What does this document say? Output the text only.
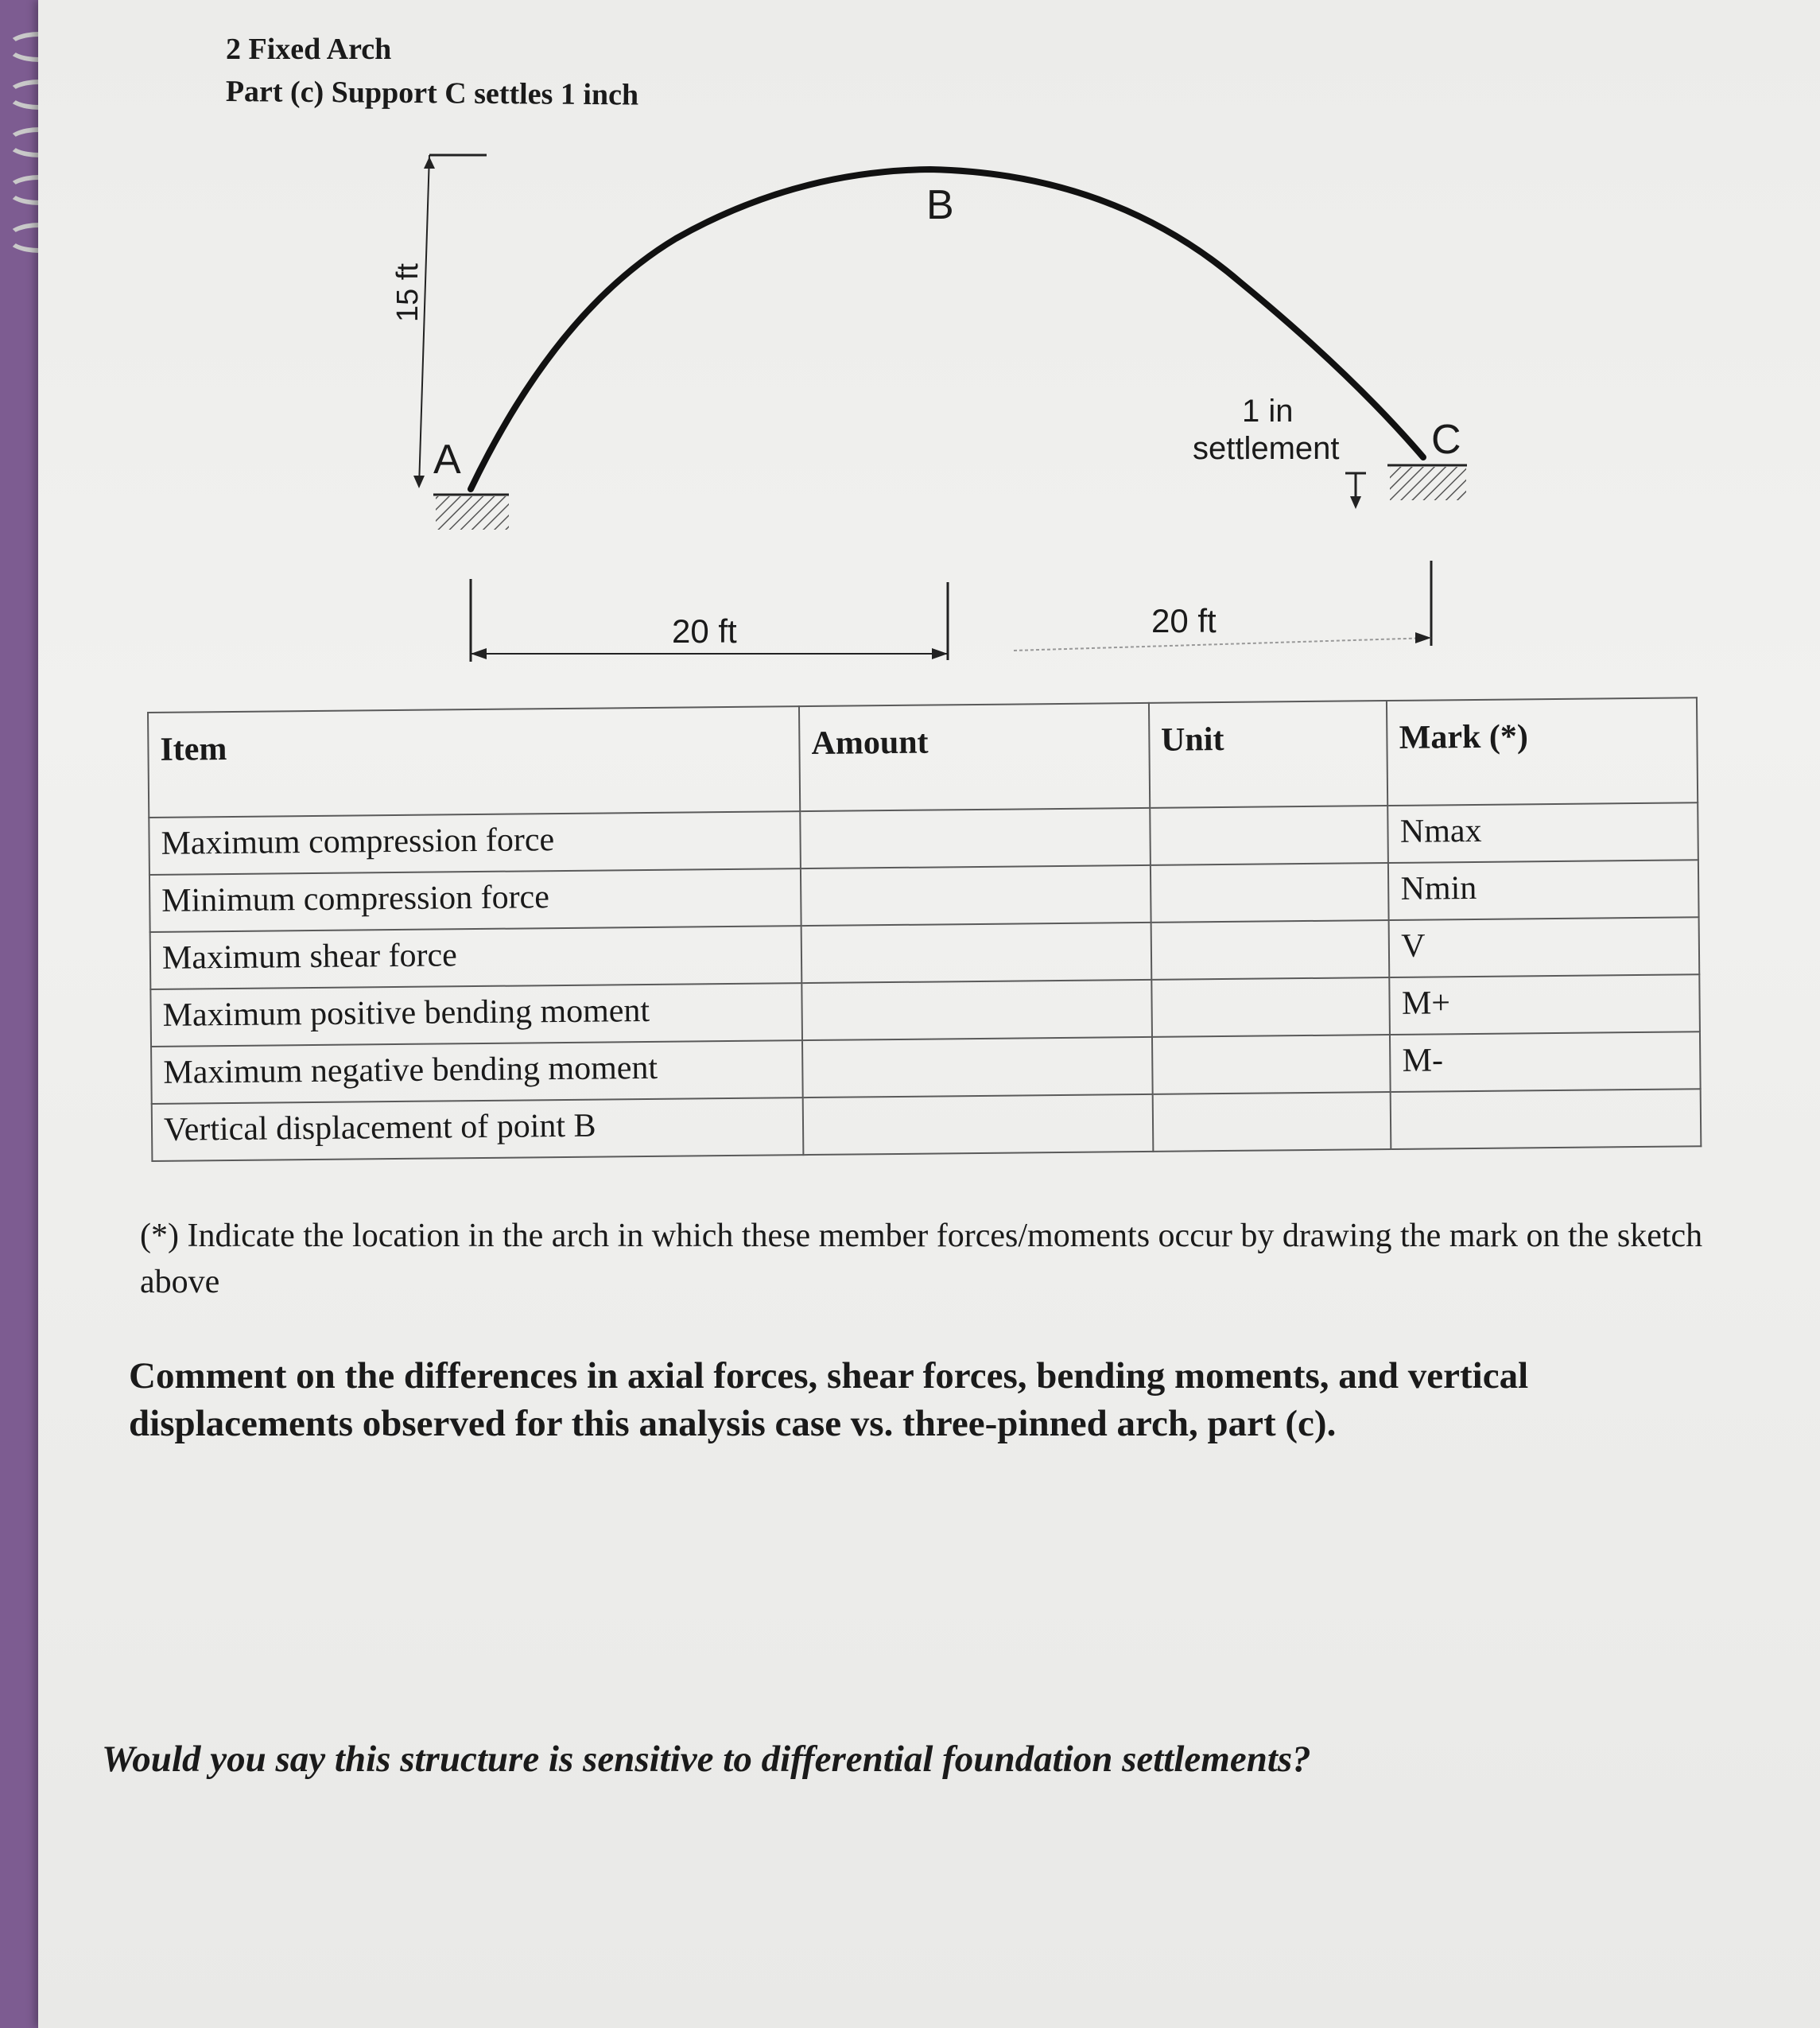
2 Fixed Arch
Part (c) Support C settles 1 inch
15 ft
A
B
C
1 in
settlement
20 ft	20 ft
Item	Amount	Unit	Mark (*)
Maximum compression force			Nmax
Minimum compression force			Nmin
Maximum shear force			V
Maximum positive bending moment			M+
Maximum negative bending moment			M-
Vertical displacement of point B			
(*) Indicate the location in the arch in which these member forces/moments occur by drawing the mark on the sketch above
Comment on the differences in axial forces, shear forces, bending moments, and vertical displacements observed for this analysis case vs. three-pinned arch, part (c).
Would you say this structure is sensitive to differential foundation settlements?
